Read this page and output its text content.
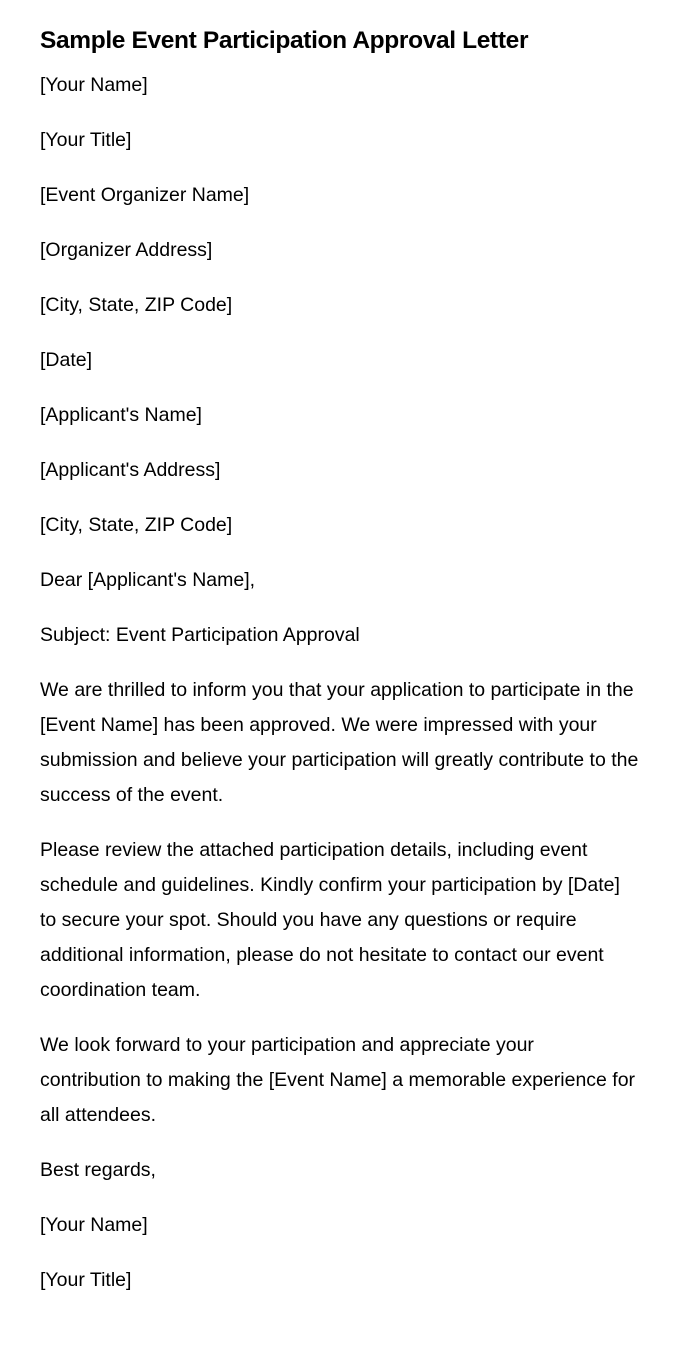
Sample Event Participation Approval Letter

[Your Name]

[Your Title]

[Event Organizer Name]

[Organizer Address]

[City, State, ZIP Code]

[Date]

[Applicant's Name]

[Applicant's Address]

[City, State, ZIP Code]

Dear [Applicant's Name],

Subject: Event Participation Approval

We are thrilled to inform you that your application to participate in the [Event Name] has been approved. We were impressed with your submission and believe your participation will greatly contribute to the success of the event.

Please review the attached participation details, including event schedule and guidelines. Kindly confirm your participation by [Date] to secure your spot. Should you have any questions or require additional information, please do not hesitate to contact our event coordination team.

We look forward to your participation and appreciate your contribution to making the [Event Name] a memorable experience for all attendees.

Best regards,

[Your Name]

[Your Title]
